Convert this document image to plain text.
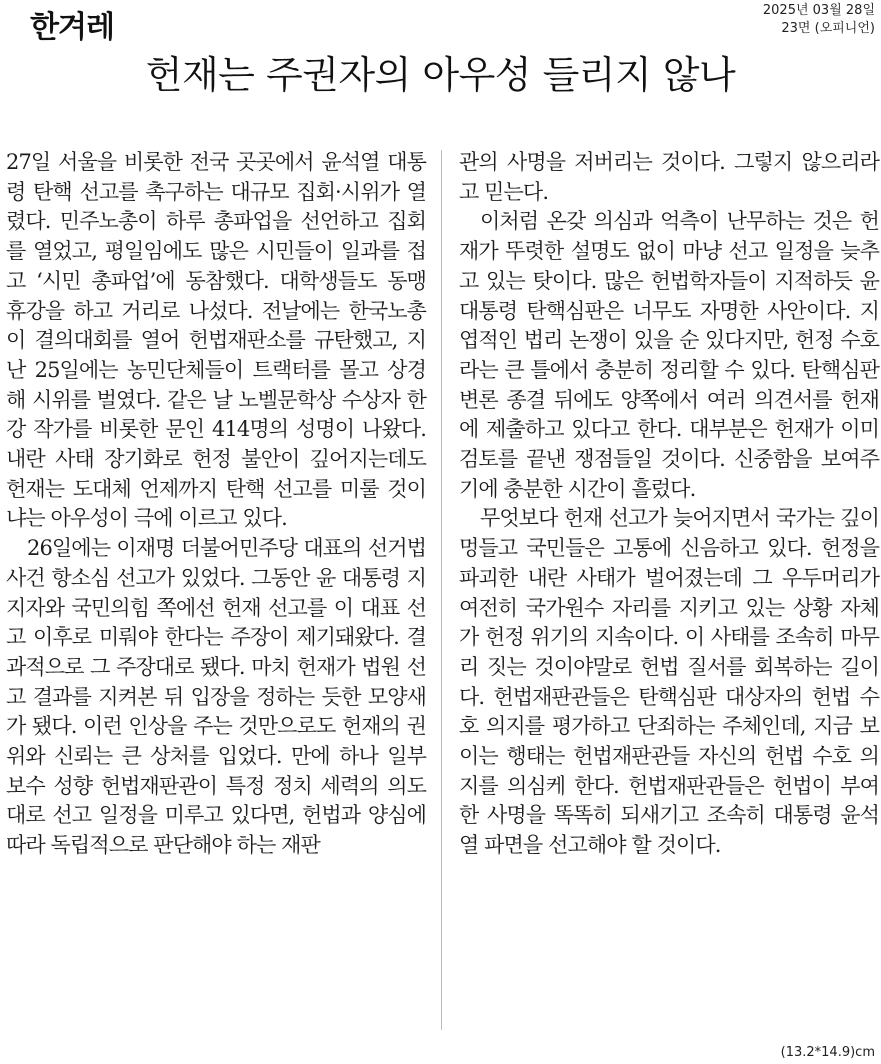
한겨레	2025년 03월 28일
23면 (오피니언)
헌재는 주권자의 아우성 들리지 않나

27일 서울을 비롯한 전국 곳곳에서 윤석열 대통령 탄핵 선고를 촉구하는 대규모 집회·시위가 열렸다. 민주노총이 하루 총파업을 선언하고 집회를 열었고, 평일임에도 많은 시민들이 일과를 접고 ‘시민 총파업’에 동참했다. 대학생들도 동맹 휴강을 하고 거리로 나섰다. 전날에는 한국노총이 결의대회를 열어 헌법재판소를 규탄했고, 지난 25일에는 농민단체들이 트랙터를 몰고 상경해 시위를 벌였다. 같은 날 노벨문학상 수상자 한강 작가를 비롯한 문인 414명의 성명이 나왔다. 내란 사태 장기화로 헌정 불안이 깊어지는데도 헌재는 도대체 언제까지 탄핵 선고를 미룰 것이냐는 아우성이 극에 이르고 있다.

26일에는 이재명 더불어민주당 대표의 선거법 사건 항소심 선고가 있었다. 그동안 윤 대통령 지지자와 국민의힘 쪽에선 헌재 선고를 이 대표 선고 이후로 미뤄야 한다는 주장이 제기돼왔다. 결과적으로 그 주장대로 됐다. 마치 헌재가 법원 선고 결과를 지켜본 뒤 입장을 정하는 듯한 모양새가 됐다. 이런 인상을 주는 것만으로도 헌재의 권위와 신뢰는 큰 상처를 입었다. 만에 하나 일부 보수 성향 헌법재판관이 특정 정치 세력의 의도대로 선고 일정을 미루고 있다면, 헌법과 양심에 따라 독립적으로 판단해야 하는 재판

관의 사명을 저버리는 것이다. 그렇지 않으리라고 믿는다.

이처럼 온갖 의심과 억측이 난무하는 것은 헌재가 뚜렷한 설명도 없이 마냥 선고 일정을 늦추고 있는 탓이다. 많은 헌법학자들이 지적하듯 윤 대통령 탄핵심판은 너무도 자명한 사안이다. 지엽적인 법리 논쟁이 있을 순 있다지만, 헌정 수호라는 큰 틀에서 충분히 정리할 수 있다. 탄핵심판 변론 종결 뒤에도 양쪽에서 여러 의견서를 헌재에 제출하고 있다고 한다. 대부분은 헌재가 이미 검토를 끝낸 쟁점들일 것이다. 신중함을 보여주기에 충분한 시간이 흘렀다.

무엇보다 헌재 선고가 늦어지면서 국가는 깊이 멍들고 국민들은 고통에 신음하고 있다. 헌정을 파괴한 내란 사태가 벌어졌는데 그 우두머리가 여전히 국가원수 자리를 지키고 있는 상황 자체가 헌정 위기의 지속이다. 이 사태를 조속히 마무리 짓는 것이야말로 헌법 질서를 회복하는 길이다. 헌법재판관들은 탄핵심판 대상자의 헌법 수호 의지를 평가하고 단죄하는 주체인데, 지금 보이는 행태는 헌법재판관들 자신의 헌법 수호 의지를 의심케 한다. 헌법재판관들은 헌법이 부여한 사명을 똑똑히 되새기고 조속히 대통령 윤석열 파면을 선고해야 할 것이다.

(13.2*14.9)cm
